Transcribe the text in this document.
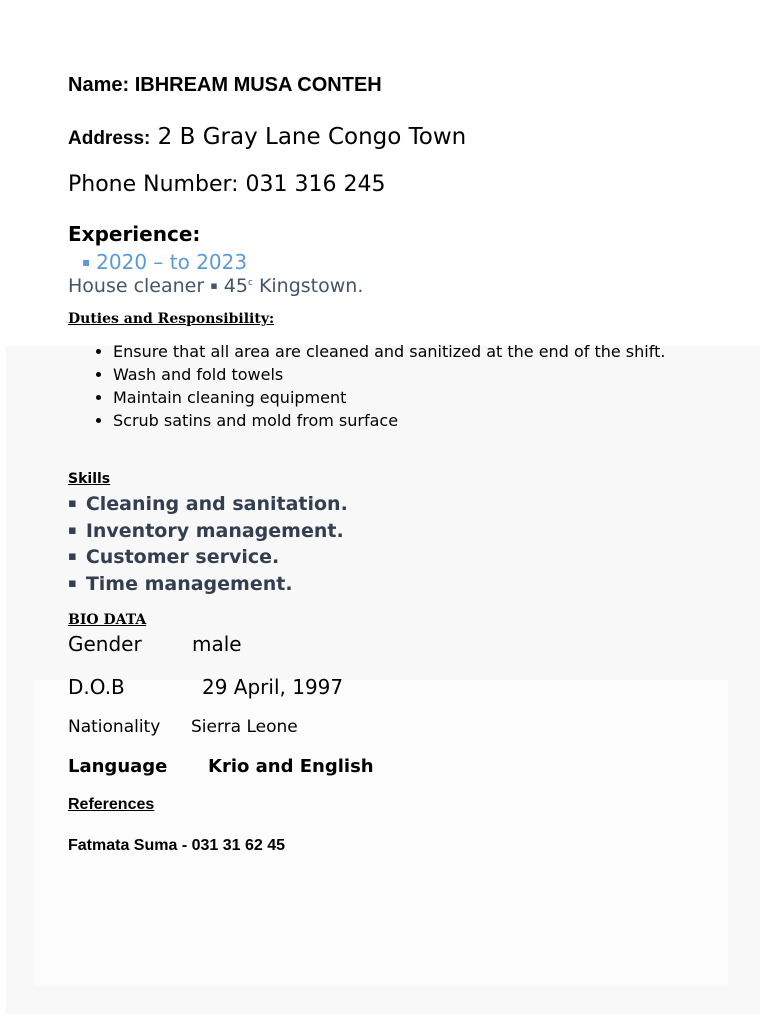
Name: IBHREAM MUSA CONTEH

Address: 2 B Gray Lane Congo Town

Phone Number: 031 316 245

Experience:

▪ 2020 – to 2023

House cleaner ▪ 45$^c$ Kingstown.

Duties and Responsibility:

• Ensure that all area are cleaned and sanitized at the end of the shift.
• Wash and fold towels
• Maintain cleaning equipment
• Scrub satins and mold from surface

Skills

▪ Cleaning and sanitation.
▪ Inventory management.
▪ Customer service.
▪ Time management.

BIO DATA

Gender	male
D.O.B	29 April, 1997
Nationality Sierra Leone
Language Krio and English

References

Fatmata Suma - 031 31 62 45
